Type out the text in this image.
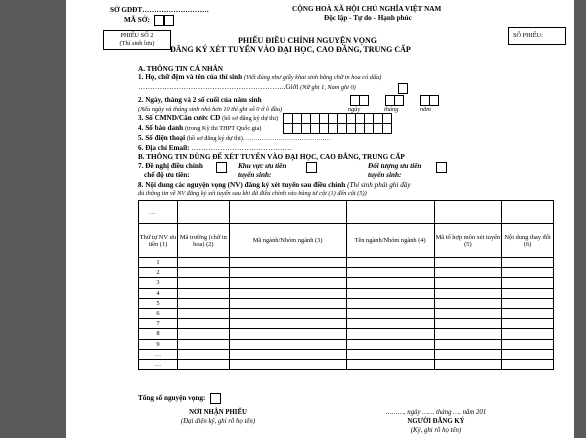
SỞ GDĐT……………………….
MÃ SỞ:
CỘNG HOÀ XÃ HỘI CHỦ NGHĨA VIỆT NAM
Độc lập - Tự do - Hạnh phúc
PHIẾU SỐ 2
(Thí sinh lưu)
SỐ PHIẾU:
PHIẾU ĐIỀU CHỈNH NGUYỆN VỌNG
ĐĂNG KÝ XÉT TUYỂN VÀO ĐẠI HỌC, CAO ĐẲNG, TRUNG CẤP
A. THÔNG TIN CÁ NHÂN
1. Họ, chữ đệm và tên của thí sinh (Viết đúng như giấy khai sinh bằng chữ in hoa có dấu)
……………………………………………………..Giới (Nữ ghi 1, Nam ghi 0)
2. Ngày, tháng và 2 số cuối của năm sinh
(Nếu ngày và tháng sinh nhỏ hơn 10 thì ghi số 0 ở ô đầu)	ngày	tháng	năm
3. Số CMND/Căn cước CD (hồ sơ đăng ký dự thi)
4. Số báo danh (trong Kỳ thi THPT Quốc gia)
5. Số điện thoại (hồ sơ đăng ký dự thi)……………………………………
6. Địa chỉ Email: ……………………………………
B. THÔNG TIN DÙNG ĐỂ XÉT TUYỂN VÀO ĐẠI HỌC, CAO ĐẲNG, TRUNG CẤP
7. Đề nghị điều chỉnh
chế độ ưu tiên:
Khu vực ưu tiên
tuyển sinh:
Đối tượng ưu tiên
tuyển sinh:
8. Nội dung các nguyện vọng (NV) đăng ký xét tuyển sau điều chỉnh (Thí sinh phải ghi đầy
đủ thông tin về NV đăng ký xét tuyển sau khi đã điều chỉnh vào bảng từ cột (1) đến cột (5))
…					
Thứ tự NV ưu tiên (1)	Mã trường (chữ in hoa) (2)	Mã ngành/Nhóm ngành (3)	Tên ngành/Nhóm ngành (4)	Mã tổ hợp môn xét tuyển (5)	Nội dung thay đổi (6)
1					
2					
3					
4					
5					
6					
7					
8					
9					
…					
…					
Tổng số nguyện vọng:
NƠI NHẬN PHIẾU
(Đại diện ký, ghi rõ họ tên)
………, ngày …… tháng …. năm 201
NGƯỜI ĐĂNG KÝ
(Ký, ghi rõ họ tên)
